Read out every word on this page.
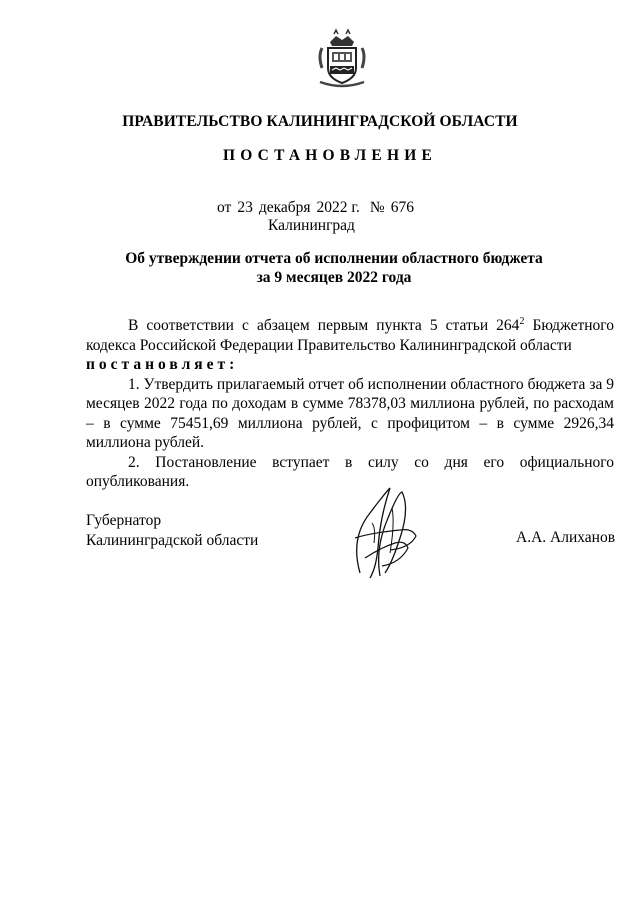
ПРАВИТЕЛЬСТВО КАЛИНИНГРАДСКОЙ ОБЛАСТИ
ПОСТАНОВЛЕНИЕ
от 23 декабря 2022 г. № 676
Калининград
Об утверждении отчета об исполнении областного бюджета
за 9 месяцев 2022 года

В соответствии с абзацем первым пункта 5 статьи $264^2$ Бюджетного кодекса Российской Федерации Правительство Калининградской области

постановляет:

1. Утвердить прилагаемый отчет об исполнении областного бюджета за 9 месяцев 2022 года по доходам в сумме 78378,03 миллиона рублей, по расходам – в сумме 75451,69 миллиона рублей, с профицитом – в сумме 2926,34 миллиона рублей.

2. Постановление вступает в силу со дня его официального опубликования.

Губернатор
Калининградской области	А.А. Алиханов
